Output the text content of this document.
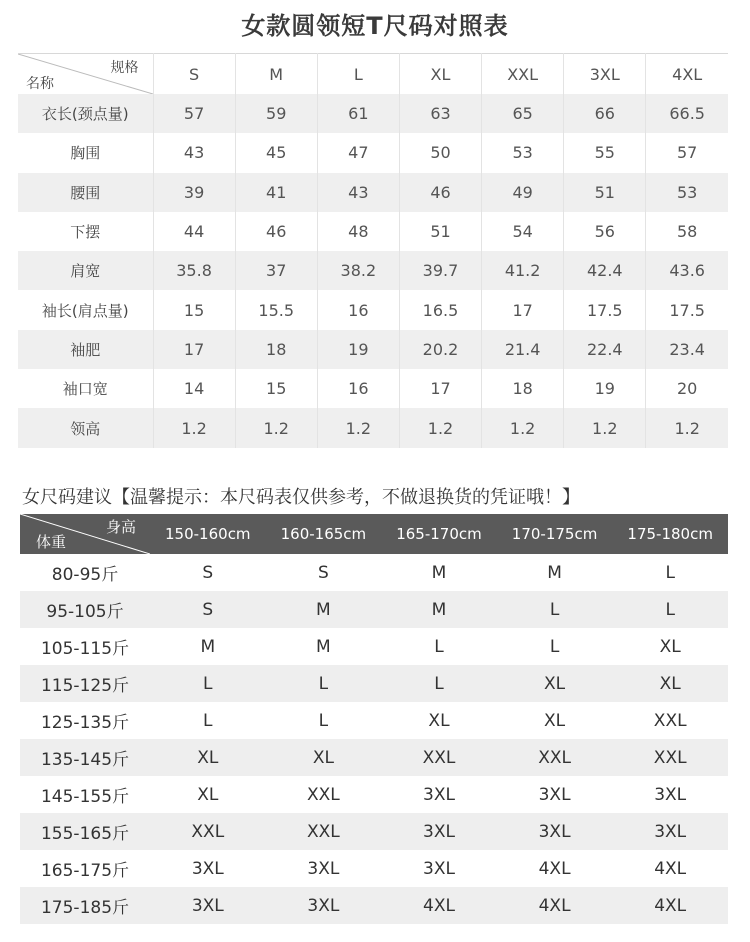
女款圆领短T尺码对照表
规格
名称	S	M	L	XL	XXL	3XL	4XL
衣长(颈点量)	57	59	61	63	65	66	66.5
胸围	43	45	47	50	53	55	57
腰围	39	41	43	46	49	51	53
下摆	44	46	48	51	54	56	58
肩宽	35.8	37	38.2	39.7	41.2	42.4	43.6
袖长(肩点量)	15	15.5	16	16.5	17	17.5	17.5
袖肥	17	18	19	20.2	21.4	22.4	23.4
袖口宽	14	15	16	17	18	19	20
领高	1.2	1.2	1.2	1.2	1.2	1.2	1.2
女尺码建议【温馨提示：本尺码表仅供参考，不做退换货的凭证哦！】
身高
体重	150-160cm	160-165cm	165-170cm	170-175cm	175-180cm
80-95斤	S	S	M	M	L
95-105斤	S	M	M	L	L
105-115斤	M	M	L	L	XL
115-125斤	L	L	L	XL	XL
125-135斤	L	L	XL	XL	XXL
135-145斤	XL	XL	XXL	XXL	XXL
145-155斤	XL	XXL	3XL	3XL	3XL
155-165斤	XXL	XXL	3XL	3XL	3XL
165-175斤	3XL	3XL	3XL	4XL	4XL
175-185斤	3XL	3XL	4XL	4XL	4XL
